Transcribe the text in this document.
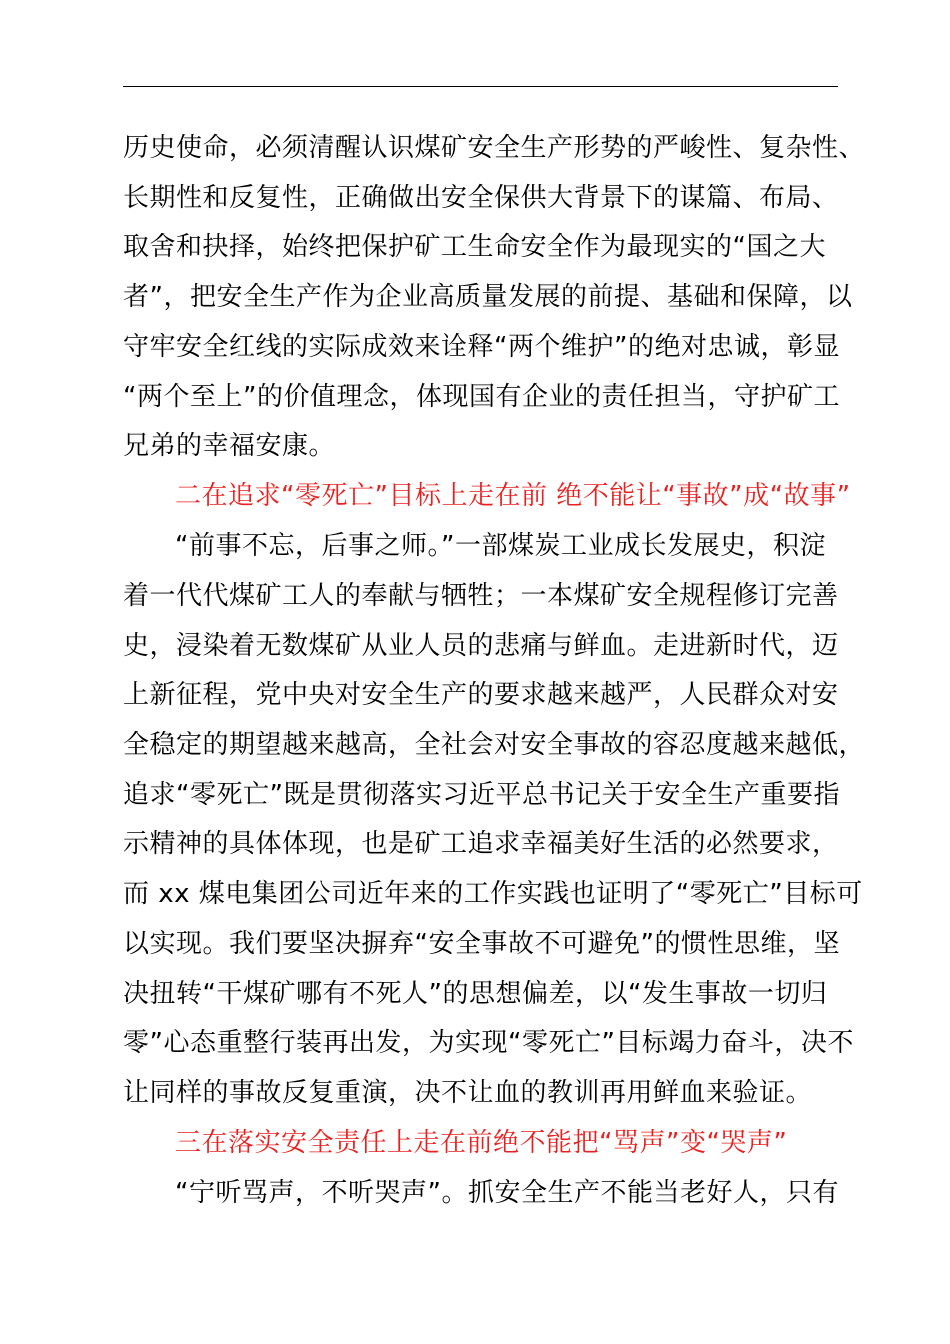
历史使命，必须清醒认识煤矿安全生产形势的严峻性、复杂性、
长期性和反复性，正确做出安全保供大背景下的谋篇、布局、
取舍和抉择，始终把保护矿工生命安全作为最现实的“国之大
者”，把安全生产作为企业高质量发展的前提、基础和保障，以
守牢安全红线的实际成效来诠释“两个维护”的绝对忠诚，彰显
“两个至上”的价值理念，体现国有企业的责任担当，守护矿工
兄弟的幸福安康。
二在追求“零死亡”目标上走在前 绝不能让“事故”成“故事”
“前事不忘，后事之师。”一部煤炭工业成长发展史，积淀
着一代代煤矿工人的奉献与牺牲；一本煤矿安全规程修订完善
史，浸染着无数煤矿从业人员的悲痛与鲜血。走进新时代，迈
上新征程，党中央对安全生产的要求越来越严，人民群众对安
全稳定的期望越来越高，全社会对安全事故的容忍度越来越低，
追求“零死亡”既是贯彻落实习近平总书记关于安全生产重要指
示精神的具体体现，也是矿工追求幸福美好生活的必然要求，
而 xx 煤电集团公司近年来的工作实践也证明了“零死亡”目标可
以实现。我们要坚决摒弃“安全事故不可避免”的惯性思维，坚
决扭转“干煤矿哪有不死人”的思想偏差，以“发生事故一切归
零”心态重整行装再出发，为实现“零死亡”目标竭力奋斗，决不
让同样的事故反复重演，决不让血的教训再用鲜血来验证。
三在落实安全责任上走在前绝不能把“骂声”变“哭声”
“宁听骂声，不听哭声”。抓安全生产不能当老好人，只有
